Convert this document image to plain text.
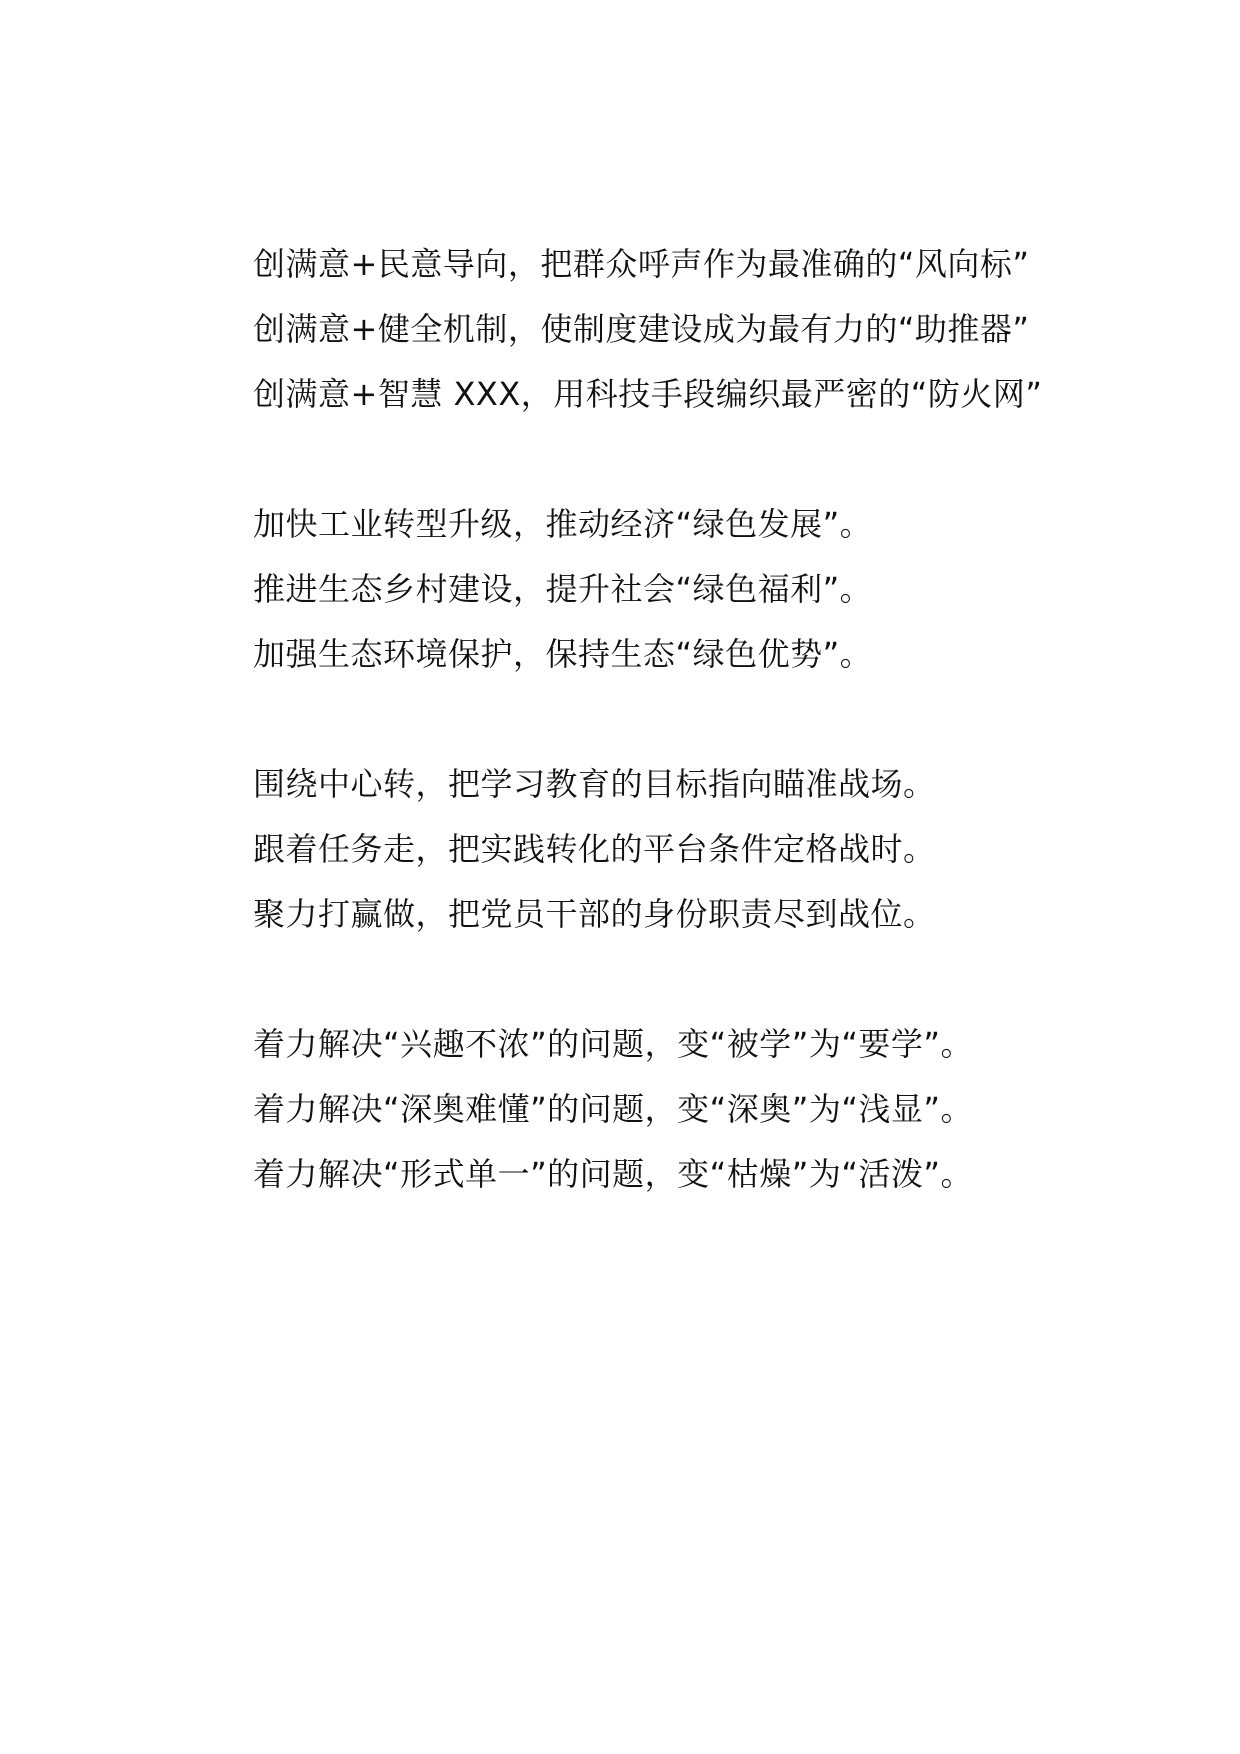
创满意+民意导向，把群众呼声作为最准确的“风向标”

创满意+健全机制，使制度建设成为最有力的“助推器”

创满意+智慧 XXX，用科技手段编织最严密的“防火网”

加快工业转型升级，推动经济“绿色发展”。

推进生态乡村建设，提升社会“绿色福利”。

加强生态环境保护，保持生态“绿色优势”。

围绕中心转，把学习教育的目标指向瞄准战场。

跟着任务走，把实践转化的平台条件定格战时。

聚力打赢做，把党员干部的身份职责尽到战位。

着力解决“兴趣不浓”的问题，变“被学”为“要学”。

着力解决“深奥难懂”的问题，变“深奥”为“浅显”。

着力解决“形式单一”的问题，变“枯燥”为“活泼”。
